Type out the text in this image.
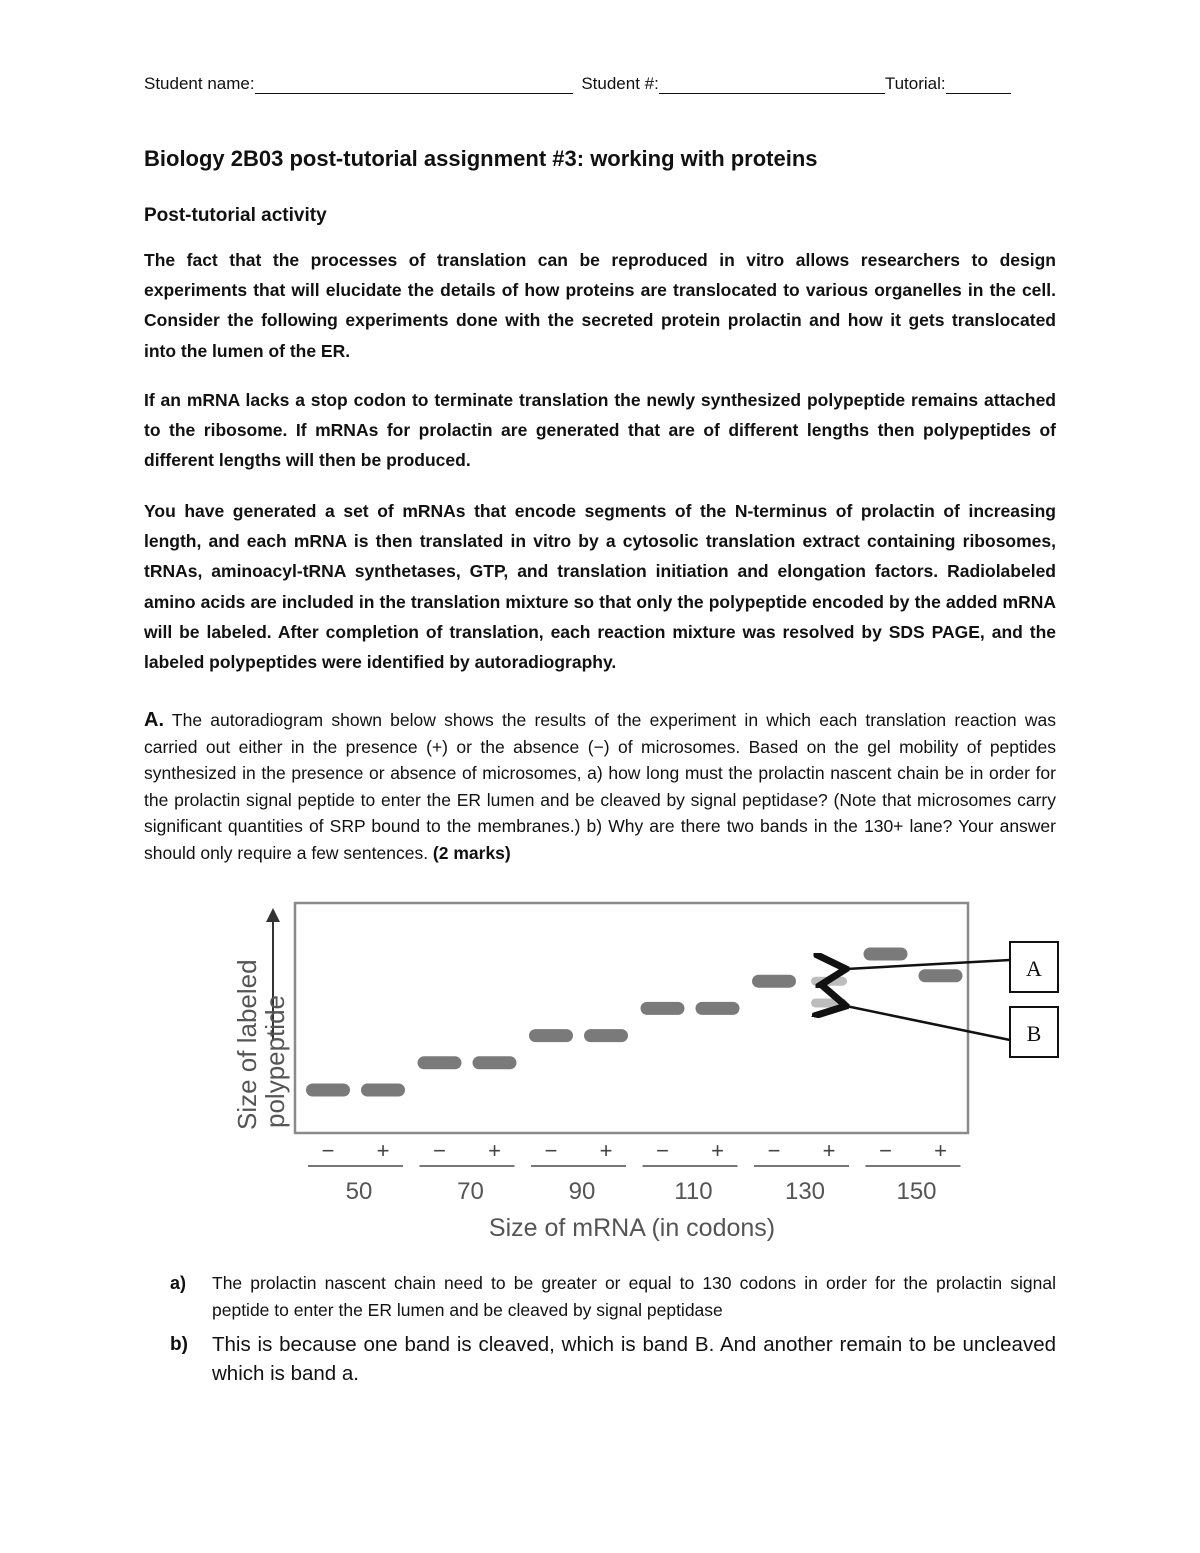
Student name:	Student #:	Tutorial:
Biology 2B03 post-tutorial assignment #3: working with proteins
Post-tutorial activity

The fact that the processes of translation can be reproduced in vitro allows researchers to design experiments that will elucidate the details of how proteins are translocated to various organelles in the cell. Consider the following experiments done with the secreted protein prolactin and how it gets translocated into the lumen of the ER.

If an mRNA lacks a stop codon to terminate translation the newly synthesized polypeptide remains attached to the ribosome. If mRNAs for prolactin are generated that are of different lengths then polypeptides of different lengths will then be produced.

You have generated a set of mRNAs that encode segments of the N-terminus of prolactin of increasing length, and each mRNA is then translated in vitro by a cytosolic translation extract containing ribosomes, tRNAs, aminoacyl-tRNA synthetases, GTP, and translation initiation and elongation factors. Radiolabeled amino acids are included in the translation mixture so that only the polypeptide encoded by the added mRNA will be labeled. After completion of translation, each reaction mixture was resolved by SDS PAGE, and the labeled polypeptides were identified by autoradiography.

A. The autoradiogram shown below shows the results of the experiment in which each translation reaction was carried out either in the presence (+) or the absence (−) of microsomes. Based on the gel mobility of peptides synthesized in the presence or absence of microsomes, a) how long must the prolactin nascent chain be in order for the prolactin signal peptide to enter the ER lumen and be cleaved by signal peptidase? (Note that microsomes carry significant quantities of SRP bound to the membranes.) b) Why are there two bands in the 130+ lane? Your answer should only require a few sentences. (2 marks)

Size of labeled
polypeptide
− +
50
− +
70
− +
90
− +
110
− +
130
− +
150
Size of mRNA (in codons)
A
B
a) The prolactin nascent chain need to be greater or equal to 130 codons in order for the prolactin signal peptide to enter the ER lumen and be cleaved by signal peptidase
b) This is because one band is cleaved, which is band B. And another remain to be uncleaved which is band a.
